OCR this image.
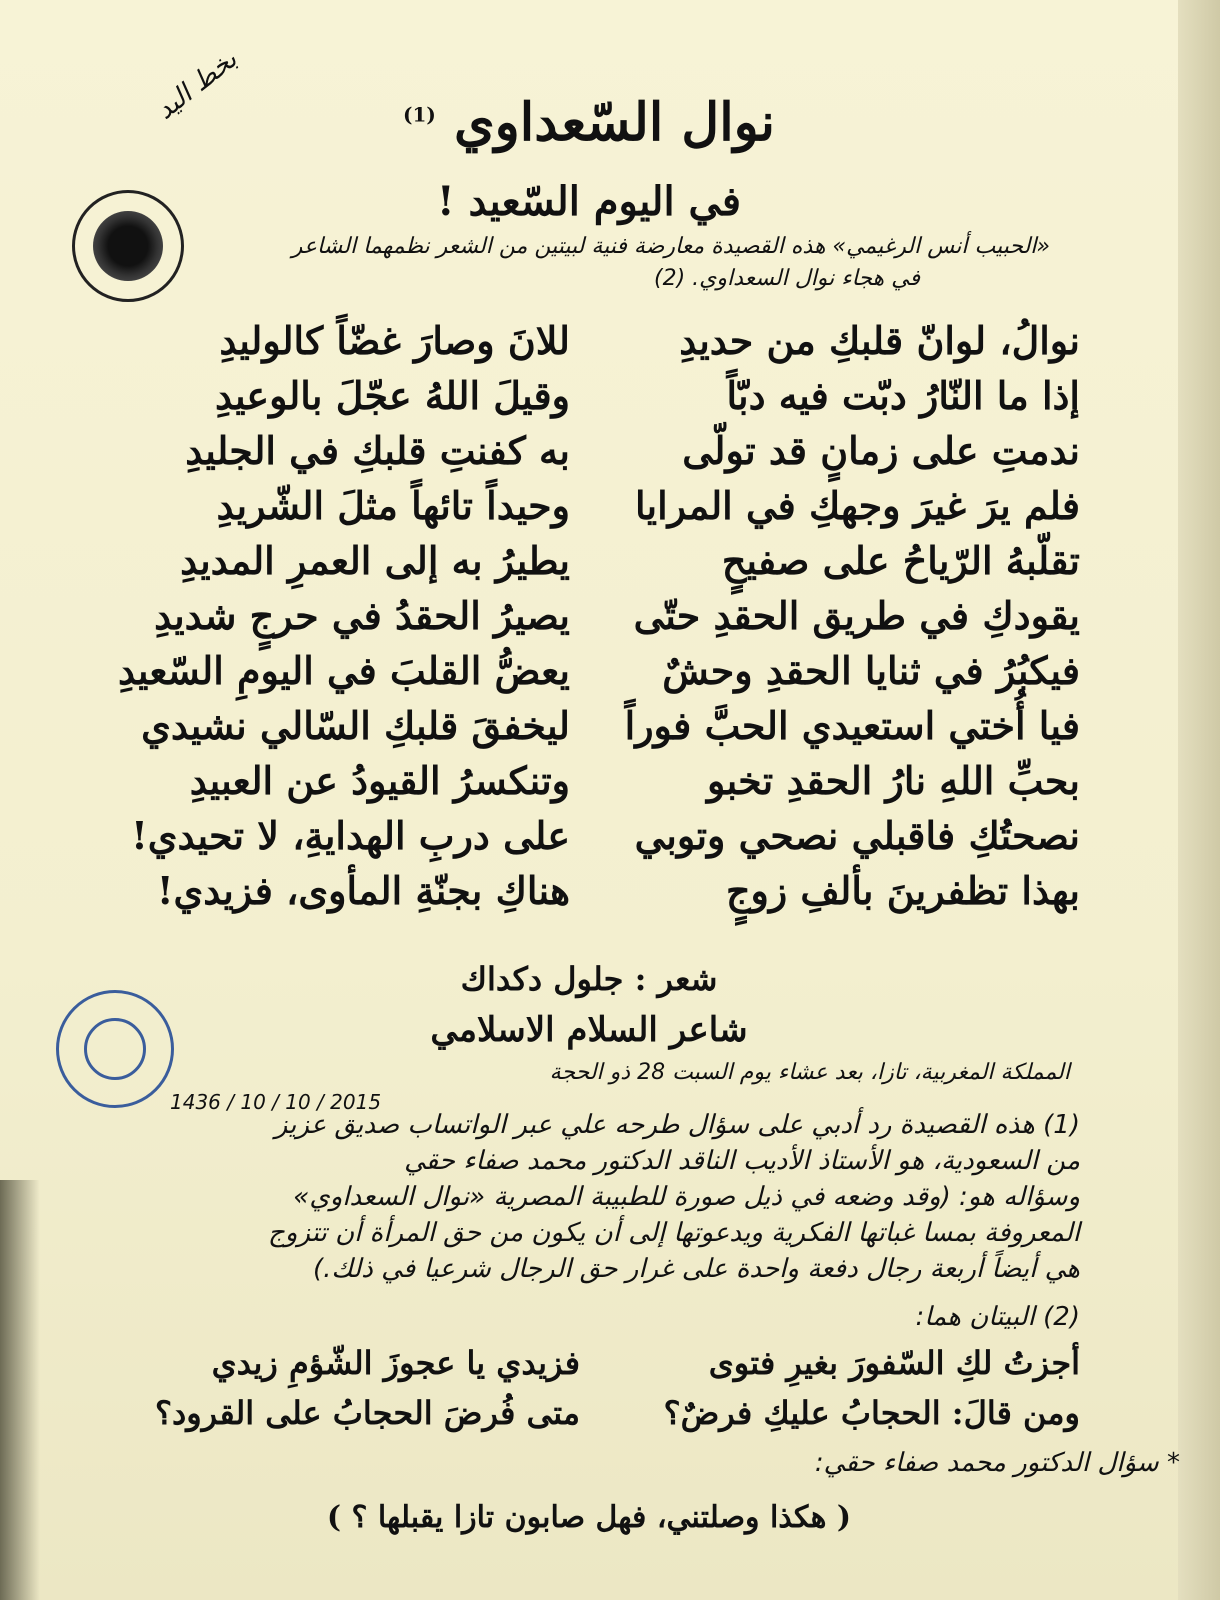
بخط اليد	نوال السّعداوي $^{(1)}$
في اليوم السّعيد !
«الحبيب أنس الرغيمي» هذه القصيدة معارضة فنية لبيتين من الشعر نظمهما الشاعر
في هجاء نوال السعداوي. (2)
نوالُ، لوانّ قلبكِ من حديدِ
إذا ما النّارُ دبّت فيه دبّاً
ندمتِ على زمانٍ قد تولّى
فلم يرَ غيرَ وجهكِ في المرايا
تقلّبهُ الرّياحُ على صفيحٍ
يقودكِ في طريق الحقدِ حتّى
فيكبُرُ في ثنايا الحقدِ وحشٌ
فيا أُختي استعيدي الحبَّ فوراً
بحبِّ اللهِ نارُ الحقدِ تخبو
نصحتُكِ فاقبلي نصحي وتوبي
بهذا تظفرينَ بألفِ زوجٍ
للانَ وصارَ غضّاً كالوليدِ
وقيلَ اللهُ عجّلَ بالوعيدِ
به كفنتِ قلبكِ في الجليدِ
وحيداً تائهاً مثلَ الشّريدِ
يطيرُ به إلى العمرِ المديدِ
يصيرُ الحقدُ في حرجٍ شديدِ
يعضُّ القلبَ في اليومِ السّعيدِ
ليخفقَ قلبكِ السّالي نشيدي
وتنكسرُ القيودُ عن العبيدِ
على دربِ الهدايةِ، لا تحيدي!
هناكِ بجنّةِ المأوى، فزيدي!
شعر : جلول دكداك
شاعر السلام الاسلامي
المملكة المغربية، تازا، بعد عشاء يوم السبت 28 ذو الحجة
1436 / 10 / 10 / 2015
(1) هذه القصيدة رد أدبي على سؤال طرحه علي عبر الواتساب صديق عزيز
من السعودية، هو الأستاذ الأديب الناقد الدكتور محمد صفاء حقي
وسؤاله هو: (وقد وضعه في ذيل صورة للطبيبة المصرية «نوال السعداوي»
المعروفة بمسا غباتها الفكرية ويدعوتها إلى أن يكون من حق المرأة أن تتزوج
هي أيضاً أربعة رجال دفعة واحدة على غرار حق الرجال شرعيا في ذلك.)
(2) البيتان هما:
أجزتُ لكِ السّفورَ بغيرِ فتوى
فزيدي يا عجوزَ الشّؤمِ زيدي
ومن قالَ: الحجابُ عليكِ فرضٌ؟
متى فُرضَ الحجابُ على القرود؟
* سؤال الدكتور محمد صفاء حقي:
( هكذا وصلتني، فهل صابون تازا يقبلها ؟ )
